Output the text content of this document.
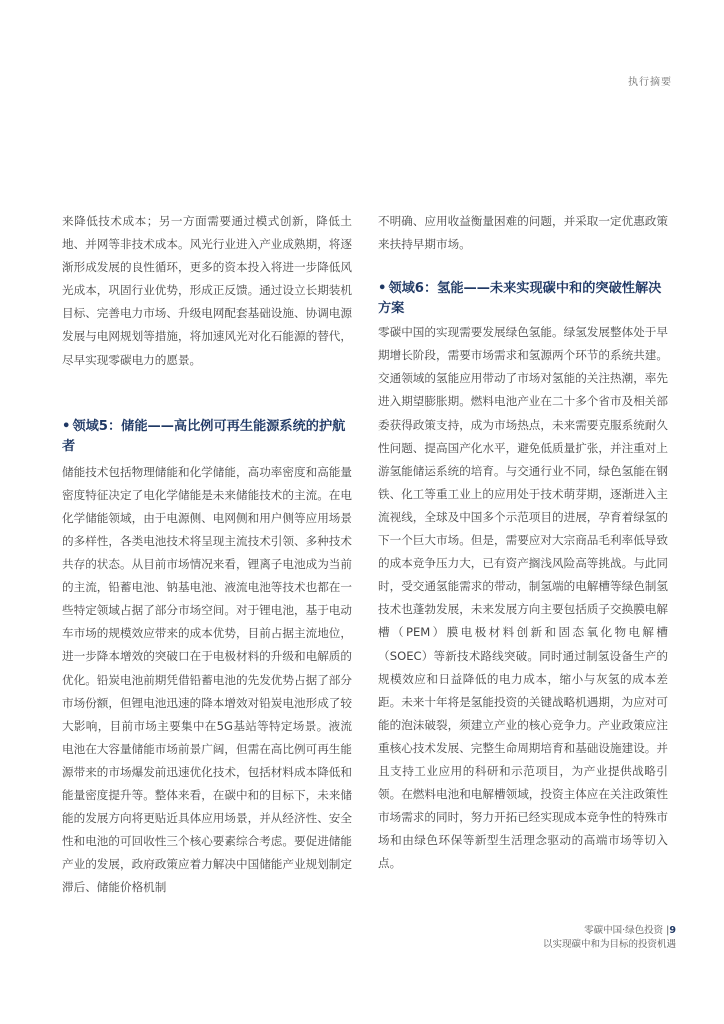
执行摘要

来降低技术成本；另一方面需要通过模式创新，降低土地、并网等非技术成本。风光行业进入产业成熟期，将逐渐形成发展的良性循环，更多的资本投入将进一步降低风光成本，巩固行业优势，形成正反馈。通过设立长期装机目标、完善电力市场、升级电网配套基础设施、协调电源发展与电网规划等措施，将加速风光对化石能源的替代，尽早实现零碳电力的愿景。

• 领域5：储能——高比例可再生能源系统的护航者

储能技术包括物理储能和化学储能，高功率密度和高能量密度特征决定了电化学储能是未来储能技术的主流。在电化学储能领域，由于电源侧、电网侧和用户侧等应用场景的多样性，各类电池技术将呈现主流技术引领、多种技术共存的状态。从目前市场情况来看，锂离子电池成为当前的主流，铅蓄电池、钠基电池、液流电池等技术也都在一些特定领域占据了部分市场空间。对于锂电池，基于电动车市场的规模效应带来的成本优势，目前占据主流地位，进一步降本增效的突破口在于电极材料的升级和电解质的优化。铅炭电池前期凭借铅蓄电池的先发优势占据了部分市场份额，但锂电池迅速的降本增效对铅炭电池形成了较大影响，目前市场主要集中在5G基站等特定场景。液流电池在大容量储能市场前景广阔，但需在高比例可再生能源带来的市场爆发前迅速优化技术，包括材料成本降低和能量密度提升等。整体来看，在碳中和的目标下，未来储能的发展方向将更贴近具体应用场景，并从经济性、安全性和电池的可回收性三个核心要素综合考虑。要促进储能产业的发展，政府政策应着力解决中国储能产业规划制定滞后、储能价格机制

不明确、应用收益衡量困难的问题，并采取一定优惠政策来扶持早期市场。

• 领域6：氢能——未来实现碳中和的突破性解决方案

零碳中国的实现需要发展绿色氢能。绿氢发展整体处于早期增长阶段，需要市场需求和氢源两个环节的系统共建。交通领域的氢能应用带动了市场对氢能的关注热潮，率先进入期望膨胀期。燃料电池产业在二十多个省市及相关部委获得政策支持，成为市场热点，未来需要克服系统耐久性问题、提高国产化水平，避免低质量扩张，并注重对上游氢能储运系统的培育。与交通行业不同，绿色氢能在钢铁、化工等重工业上的应用处于技术萌芽期，逐渐进入主流视线，全球及中国多个示范项目的进展，孕育着绿氢的下一个巨大市场。但是，需要应对大宗商品毛利率低导致的成本竞争压力大，已有资产搁浅风险高等挑战。与此同时，受交通氢能需求的带动，制氢端的电解槽等绿色制氢技术也蓬勃发展，未来发展方向主要包括质子交换膜电解槽（PEM）膜电极材料创新和固态氧化物电解槽（SOEC）等新技术路线突破。同时通过制氢设备生产的规模效应和日益降低的电力成本，缩小与灰氢的成本差距。未来十年将是氢能投资的关键战略机遇期，为应对可能的泡沫破裂，须建立产业的核心竞争力。产业政策应注重核心技术发展、完整生命周期培育和基础设施建设。并且支持工业应用的科研和示范项目，为产业提供战略引领。在燃料电池和电解槽领域，投资主体应在关注政策性市场需求的同时，努力开拓已经实现成本竞争性的特殊市场和由绿色环保等新型生活理念驱动的高端市场等切入点。

零碳中国·绿色投资 |9
以实现碳中和为目标的投资机遇
